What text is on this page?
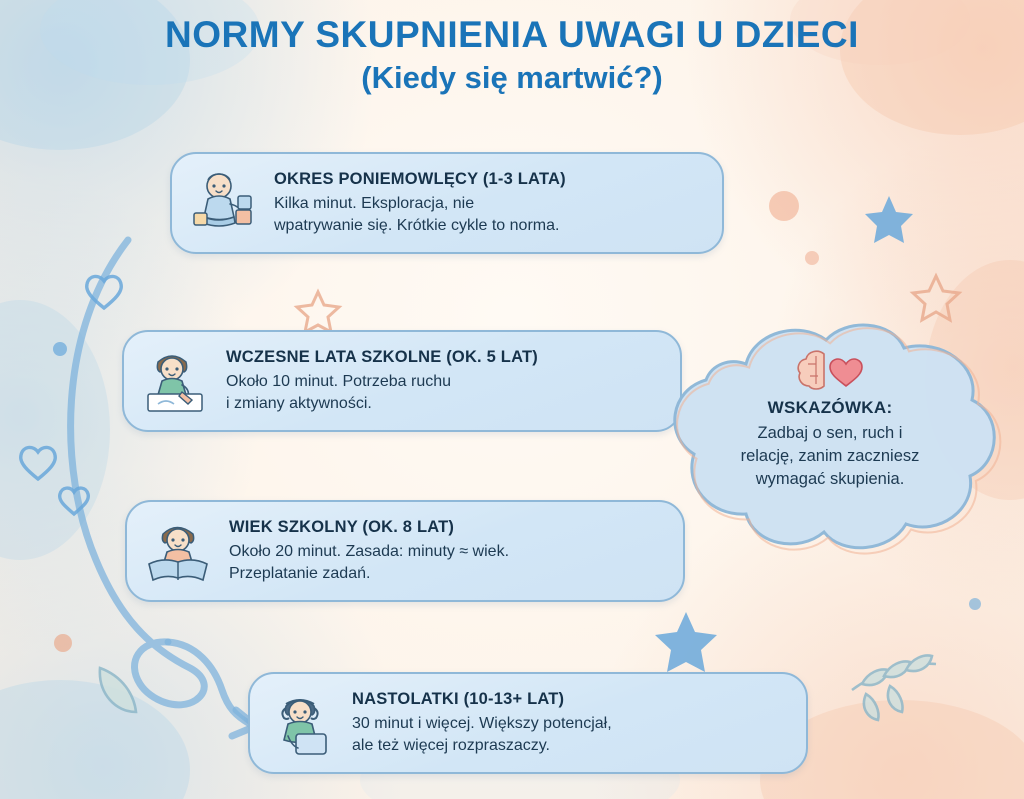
NORMY SKUPNIENIA UWAGI U DZIECI
(Kiedy się martwić?)

OKRES PONIEMOWLĘCY (1-3 LATA)

Kilka minut. Eksploracja, nie

wpatrywanie się. Krótkie cykle to norma.

WCZESNE LATA SZKOLNE (OK. 5 LAT)

Około 10 minut. Potrzeba ruchu

i zmiany aktywności.

WIEK SZKOLNY (OK. 8 LAT)

Około 20 minut. Zasada: minuty ≈ wiek.

Przeplatanie zadań.

NASTOLATKI (10-13+ LAT)

30 minut i więcej. Większy potencjał,

ale też więcej rozpraszaczy.

WSKAZÓWKA:

Zadbaj o sen, ruch i

relację, zanim zaczniesz

wymagać skupienia.
